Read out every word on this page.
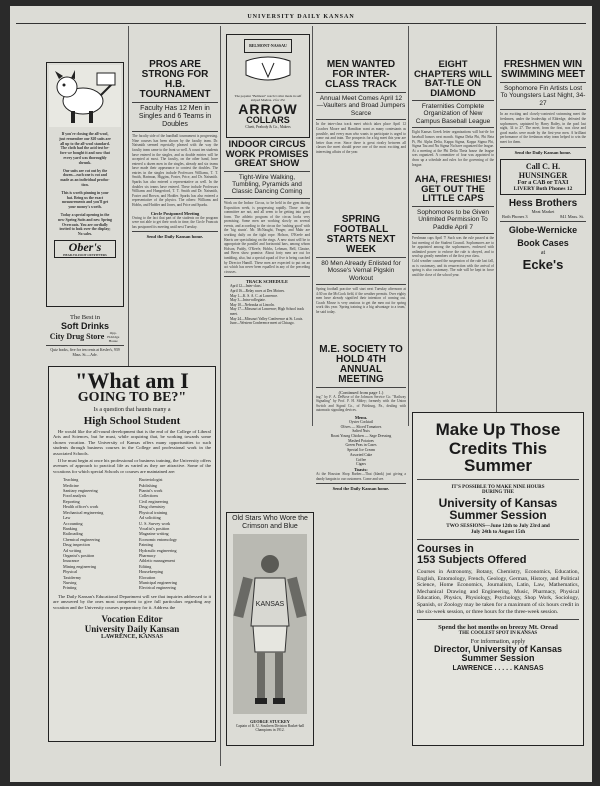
UNIVERSITY DAILY KANSAN
If you're closing the all-wool,
just remember our $20 suits are
all up to the all-wool standard.
The cloth had the acid test be-
fore we bought it and now that
every yard was thoroughly
shrunk.
Our suits are cut out by the
dozen—each one is cut and
made as an individual produc-
tion.
This is worth pinning in your
hat. Bring us the exact
measurements and you'll get
your money's worth.
Today a special opening in the
new Spring Suits and new Spring
Overcoats. You are cordially
invited to look over the display;
No sales.
Ober's
HEAD-TO-FOOT OUTFITTERS
The Best in
Soft Drinks
City Drug Store Opp. Eldridge House
Quiz books, five for ten cents at Kesler's, 939 Mass. St.—Adv.
"What am I
GOING TO BE?"
Is a question that haunts many a
High School Student
He would like the all-round development that is the end of the College of Liberal Arts and Sciences, but he must, while acquiring that, be working towards some chosen vocation. The University of Kansas offers many opportunities to such students through business courses in the College and professional work in the associated Schools.
If he must begin at once his professional or business training, the University offers avenues of approach to practical life as varied as they are attractive. Some of the vocations for which special Schools or courses are maintained are:
Teaching
Medicine
Sanitary engineering
Food analysis
Reporting
Health officer's work
Mechanical engineering
Law
Accounting
Banking
Railroading
Chemical engineering
Drug inspection
Ad writing
Organist's position
Insurance
Mining engineering
Physical
Taxidermy
Nursing
Printing
Bacteriologist
Publishing
Pianist's work
Collections
Civil engineering
Drug chemistry
Physical training
Ad soliciting
U. S. Survey work
Vocalist's position
Magazine writing
Economic entomology
Painting
Hydraulic engineering
Pharmacy
Athletic management
Editing
Housekeeping
Elocution
Municipal engineering
Electrical engineering
The Daily Kansan's Educational Department will see that inquiries addressed to it are answered by the ones most competent to give full particulars regarding any vocation and the University courses preparatory for it. Address the
Vocation Editor
University Daily Kansan
LAWRENCE, KANSAS
PROS ARE STRONG FOR H.B. TOURNAMENT
Faculty Has 12 Men in Singles and 6 Teams in Doubles
The faculty side of the handball tournament is progressing. Nine courses has been shown by the faculty team. Dr. Naismith seemed especially pleased with the way the faculty team came to the front so well. A count ten students have entered in the singles, and as double entries will be accepted at most. The faculty, on the other hand, have entered a dozen men in the singles, already and six teams have made their appearance to contest the doubles. The entries in the singles include Professors Williams, T. T. Smith, Hartman, Higgins, Foster, Price, and Dr. Naismith. Sparks has also entered a representative as well. In the doubles six teams have entered. These include Professors Williams and Hungerford, T. T. Smith and Dr. Naismith, Foster and Brown, and Hodder. Sparks has also entered a representative of the physics. The others: Williams and Hobbs, and Hodder and Jones, and Price and Sparks.
Circle Postponed Meeting
Owing to the fact that part of the students on the program were not able to get their work in time, the Circle Francais has postponed its meeting until next Tuesday.
Send the Daily Kansan home.
BELMONT·NASSAU
The popular "Belmont" notch Collar made in self striped Madras. 2 for 25c
ARROW
COLLARS
Cluett, Peabody & Co., Makers
INDOOR CIRCUS WORK PROMISES GREAT SHOW
Tight-Wire Walking, Tumbling, Pyramids and Classic Dancing Coming
Work on the Indoor Circus, to be held in the gym during Exposition week, is progressing rapidly. Those on the committee are not, and all seem to be getting into good form. The athletic program of the circus looks very promising. Some men are working slowly on several events, and according to the circus the 'rushing good' with the 'big stunts'. Mr. McNaught, Yeager, and Mahr are working daily on the tight rope. Holson, O'Keefe and Harris are specializing on the rings. A new stunt will be to appropriate the parallel and horizontal bars, among whom Holson, Paddy, O'Keefe, Hobbs, Lehman, Bell, Clautze, and Beers show promise. About forty men are out for tumbling, also, but a special squad of five is being coached by Director Hamill. These men are expected to put on an act which has never been equalled in any of the preceding circuses.
TRACK SCHEDULE
April 12—Inter-class.
April 16—Relay races at Des Moines.
May 1—K. S. A. C. at Lawrence.
May 3—Intra-collegiate.
May 10—Nebraska at Lincoln.
May 17—Missouri at Lawrence; High School track meet.
May 24—Missouri Valley Conference at St. Louis.
June—Western Conference meet at Chicago.
Old Stars Who Wore the Crimson and Blue
KANSAS
GEORGE STUCKEY
Captain of K. U. Southern Division Basket-ball Champions in 1912.
MEN WANTED FOR INTER-CLASS TRACK
Annual Meet Comes April 12 —Vaulters and Broad Jumpers Scarce
In the inter-class track meet which takes place April 12 Coaches Moore and Hamilton want as many contestants as possible, and every man who wants to participate is urged to come out and train. The prospects for a big meet this year are better than ever. Since there is great rivalry between all classes the meet should prove one of the most exciting and interesting affairs of the year.
SPRING FOOTBALL STARTS NEXT WEEK
80 Men Already Enlisted for Mosse's Vernal Pigskin Workout
Spring football practice will start next Tuesday afternoon at 4:30 on the McCook field, if the weather permits. Over eighty men have already signified their intention of coming out. Coach Mosse is very anxious to get the men out for spring work this year. 'Spring training is a big advantage to a team,' he said today.
M.E. SOCIETY TO HOLD 4TH ANNUAL MEETING
(Continued from page 1.)
ing," by F. A. DeBose of the Johnson Service Co. "Railway Signaling" by Prof. F. H. Sibley; formerly with the Union Switch and Signal Co., of Pittsburg, Pa., dealing with automatic signaling devices.
Menu.
Oyster Cocktail
Olives — Sliced Tomatoes
Salted Nuts
Roast Young Chicken — Sage Dressing
Mashed Potatoes
Green Peas in Cases
Special Ice Cream
Assorted Cake
Coffee
Cigars
Toasts:
At the Houston Shop Barber—That (blank) just giving a dandy bargain to our customers. Come and see.
Send the Daily Kansan home.
EIGHT CHAPTERS WILL BAT-TLE ON DIAMOND
Fraternities Complete Organization of New Campus Baseball League
Eight Kansas Greek letter organizations will bat-tle for baseball honors next month. Sigma Delta Phi, Phi Beta Pi, Phi Alpha Delta, Kappa Sigma, Kappa Sigma Phi, Sigma Tau and Nu Sigma Nu have organized the league. At a meeting at the Phi Delta Theta house the league was organized. A committee of four was appointed to draw up a schedule and rules for the governing of the league.
AHA, FRESHIES! GET OUT THE LITTLE CAPS
Sophomores to be Given Unlimited Permission To Paddle April 7
Freshman caps April 7! Such was the rule passed at the last meeting of the Student Council. Sophomores are to be appointed among the sophomores, endowed with unlimited power to enforce the rule is obeyed, and to send up greatly members of the first year class.
Cold weather caused the suspension of the rule last fall, as is customary, and its resurrection with the arrival of spring is also customary. The rule will be kept in force until the close of the school year.
FRESHMEN WIN SWIMMING MEET
Sophomore Fin Artists Lost To Youngsters Last Night, 34-27
In an exciting and closely-contested swimming meet the freshmen, under the leadership of Eldredge, defeated the sophomores, captained by Harry Bailey, in the pool last night, 34 to 27. The meet, from the first, was close and good marks were made by the first-year men. A brilliant performance of the freshman relay team helped to win the meet for them.
Send the Daily Kansan home.
Call C. H. HUNSINGER
For a CAB or TAXI
LIVERY Both Phones 12
Hess Brothers
Meat Market
Both Phones 3	841 Mass. St.
Globe-Wernicke
Book Cases
at
Ecke's
Make Up Those
Credits This Summer
IT'S POSSIBLE TO MAKE NINE HOURS
DURING THE
University of Kansas
Summer Session
TWO SESSIONS—June 12th to July 23rd and
July 24th to August 15th
Courses in
153 Subjects Offered
Courses in Astronomy, Botany, Chemistry, Economics, Education, English, Entomology, French, Geology, German, History, and Political Science, Home Economics, Journalism, Latin, Law, Mathematics, Mechanical Drawing and Engineering, Music, Pharmacy, Physical Education, Physics, Physiology, Psychology, Shop Work, Sociology, Spanish, or Zoology may be taken for a maximum of six hours credit in the six-week session, or three hours for the three-week session.
Spend the hot months on breezy Mt. Oread
THE COOLEST SPOT IN KANSAS
For information, apply
Director, University of Kansas
Summer Session
LAWRENCE . . . . . KANSAS
